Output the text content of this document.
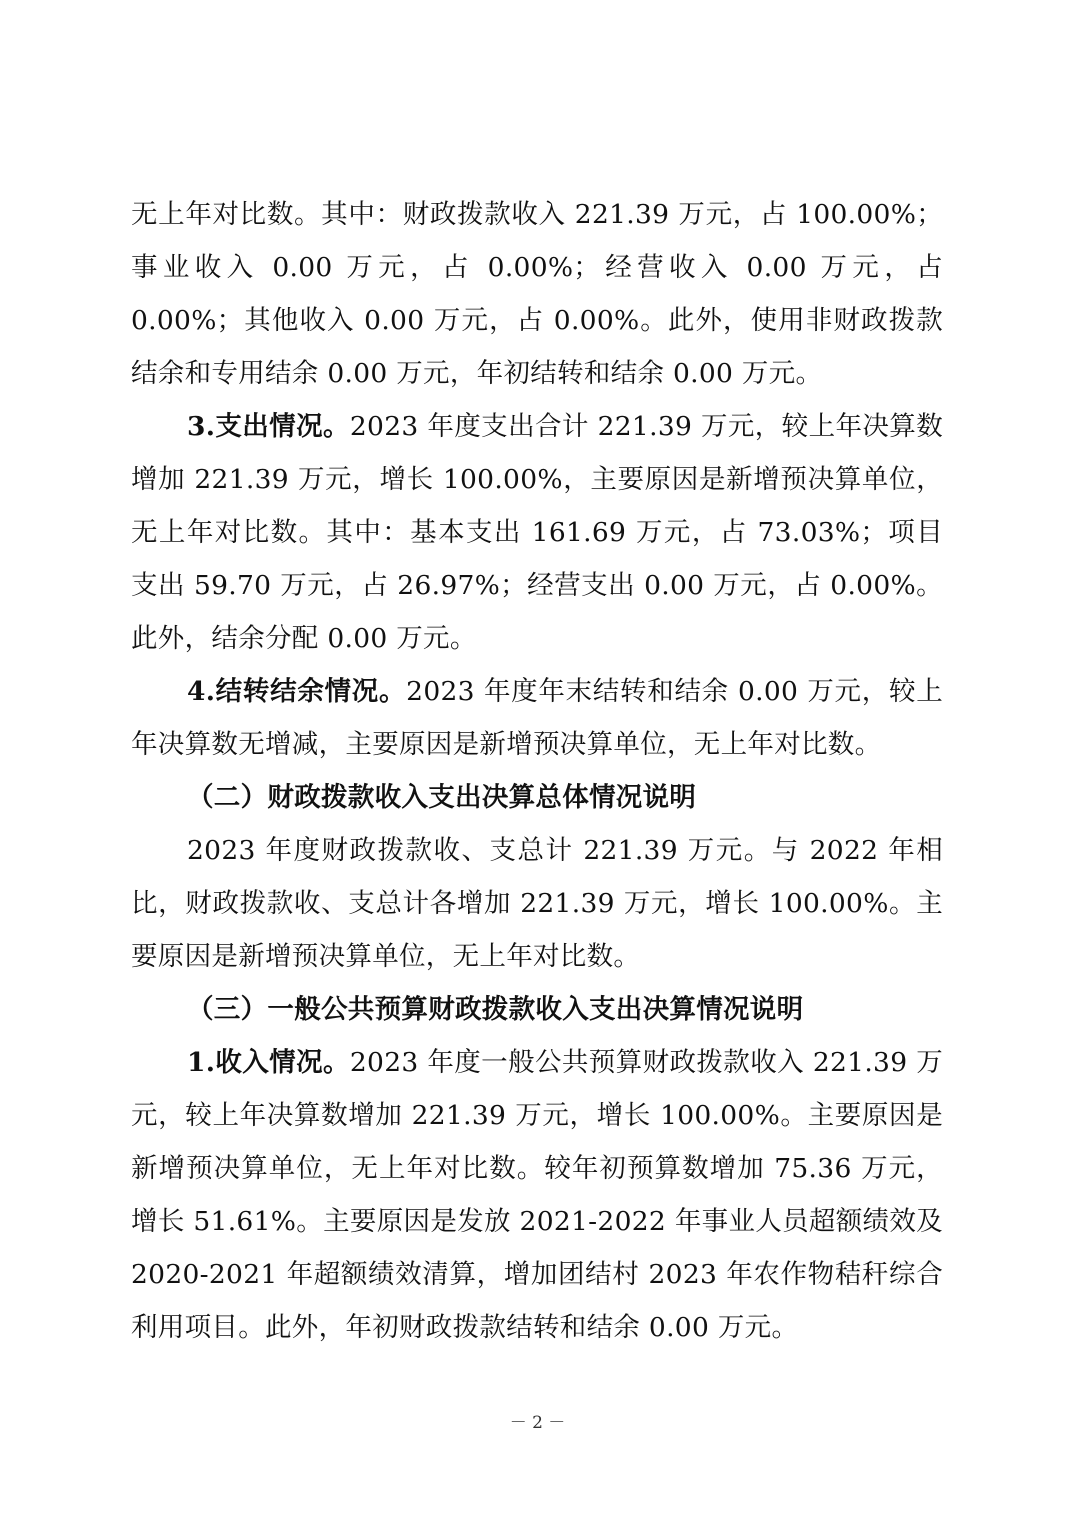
无上年对比数。其中：财政拨款收入 221.39 万元，占 100.00%；事业收入 0.00 万元，占 0.00%；经营收入 0.00 万元，占 0.00%；其他收入 0.00 万元，占 0.00%。此外，使用非财政拨款结余和专用结余 0.00 万元，年初结转和结余 0.00 万元。

3.支出情况。2023 年度支出合计 221.39 万元，较上年决算数增加 221.39 万元，增长 100.00%，主要原因是新增预决算单位，无上年对比数。其中：基本支出 161.69 万元，占 73.03%；项目支出 59.70 万元，占 26.97%；经营支出 0.00 万元，占 0.00%。此外，结余分配 0.00 万元。

4.结转结余情况。2023 年度年末结转和结余 0.00 万元，较上年决算数无增减，主要原因是新增预决算单位，无上年对比数。

（二）财政拨款收入支出决算总体情况说明

2023 年度财政拨款收、支总计 221.39 万元。与 2022 年相比，财政拨款收、支总计各增加 221.39 万元，增长 100.00%。主要原因是新增预决算单位，无上年对比数。

（三）一般公共预算财政拨款收入支出决算情况说明

1.收入情况。2023 年度一般公共预算财政拨款收入 221.39 万元，较上年决算数增加 221.39 万元，增长 100.00%。主要原因是新增预决算单位，无上年对比数。较年初预算数增加 75.36 万元，增长 51.61%。主要原因是发放 2021-2022 年事业人员超额绩效及 2020-2021 年超额绩效清算，增加团结村 2023 年农作物秸秆综合利用项目。此外，年初财政拨款结转和结余 0.00 万元。

－ 2 －
